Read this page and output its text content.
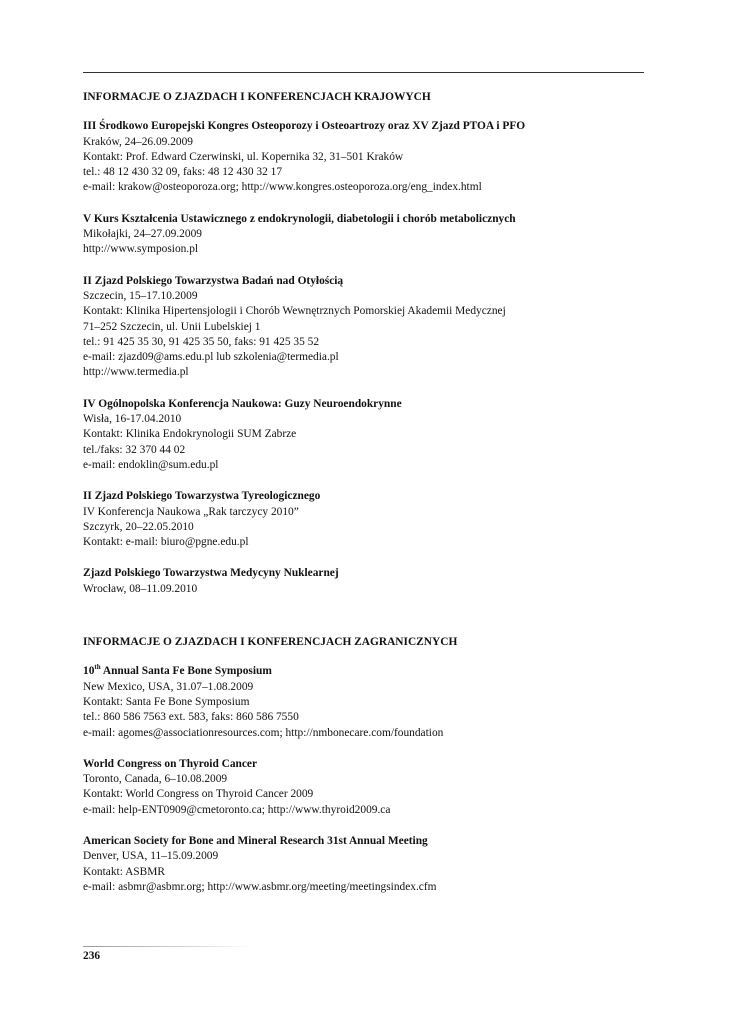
INFORMACJE O ZJAZDACH I KONFERENCJACH KRAJOWYCH
III Środkowo Europejski Kongres Osteoporozy i Osteoartrozy oraz XV Zjazd PTOA i PFO
Kraków, 24–26.09.2009
Kontakt: Prof. Edward Czerwinski, ul. Kopernika 32, 31–501 Kraków
tel.: 48 12 430 32 09, faks: 48 12 430 32 17
e-mail: krakow@osteoporoza.org; http://www.kongres.osteoporoza.org/eng_index.html
V Kurs Kształcenia Ustawicznego z endokrynologii, diabetologii i chorób metabolicznych
Mikołajki, 24–27.09.2009
http://www.symposion.pl
II Zjazd Polskiego Towarzystwa Badań nad Otyłością
Szczecin, 15–17.10.2009
Kontakt: Klinika Hipertensjologii i Chorób Wewnętrznych Pomorskiej Akademii Medycznej
71–252 Szczecin, ul. Unii Lubelskiej 1
tel.: 91 425 35 30, 91 425 35 50, faks: 91 425 35 52
e-mail: zjazd09@ams.edu.pl lub szkolenia@termedia.pl
http://www.termedia.pl
IV Ogólnopolska Konferencja Naukowa: Guzy Neuroendokrynne
Wisła, 16-17.04.2010
Kontakt: Klinika Endokrynologii SUM Zabrze
tel./faks: 32 370 44 02
e-mail: endoklin@sum.edu.pl
II Zjazd Polskiego Towarzystwa Tyreologicznego
IV Konferencja Naukowa „Rak tarczycy 2010”
Szczyrk, 20–22.05.2010
Kontakt: e-mail: biuro@pgne.edu.pl
Zjazd Polskiego Towarzystwa Medycyny Nuklearnej
Wrocław, 08–11.09.2010
INFORMACJE O ZJAZDACH I KONFERENCJACH ZAGRANICZNYCH
10th Annual Santa Fe Bone Symposium
New Mexico, USA, 31.07–1.08.2009
Kontakt: Santa Fe Bone Symposium
tel.: 860 586 7563 ext. 583, faks: 860 586 7550
e-mail: agomes@associationresources.com; http://nmbonecare.com/foundation
World Congress on Thyroid Cancer
Toronto, Canada, 6–10.08.2009
Kontakt: World Congress on Thyroid Cancer 2009
e-mail: help-ENT0909@cmetoronto.ca; http://www.thyroid2009.ca
American Society for Bone and Mineral Research 31st Annual Meeting
Denver, USA, 11–15.09.2009
Kontakt: ASBMR
e-mail: asbmr@asbmr.org; http://www.asbmr.org/meeting/meetingsindex.cfm
236
